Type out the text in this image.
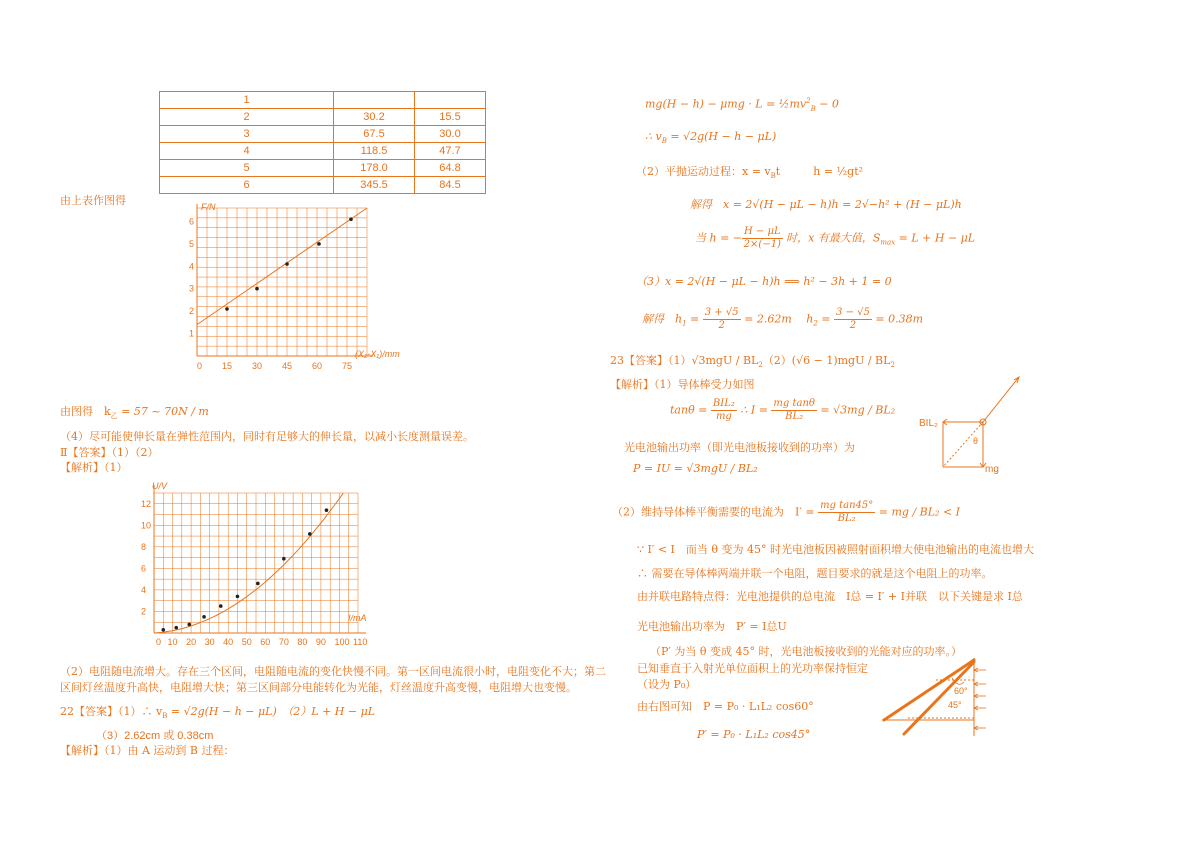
1		
2	30.2	15.5
3	67.5	30.0
4	118.5	47.7
5	178.0	64.8
6	345.5	84.5
由上表作图得
0 15 30 45 60 75
1
2
3
4
5
6
F/N
(X₂-X₁)/mm
由图得　$k_乙 = 57$ ~ 70N / m
（4）尽可能使伸长量在弹性范围内，同时有足够大的伸长量，以减小长度测量误差。
Ⅱ【答案】（1）（2）
【解析】（1）
0 10 20 30 40 50 60 70 80 90 100 110
2
4
6
8
10
12
U/V
I/mA
（2）电阻随电流增大。存在三个区间，电阻随电流的变化快慢不同。第一区间电流很小时，电阻变化不大；第二
区间灯丝温度升高快，电阻增大快；第三区间部分电能转化为光能，灯丝温度升高变慢，电阻增大也变慢。
22【答案】（1）∴ $v_B = √2g(H - h - \mu L)$　（2）L + H − μL
（3）2.62cm 或 0.38cm
【解析】（1）由 A 运动到 B 过程：
$mg(H - h) - \mu mg \cdot L = \frac{1}{2}mv^2_B - 0$
∴ $v_B = √2g(H - h - \mu L)$
（2）平抛运动过程：$x = v_Bt$　　　h = ½gt²
解得　x = 2√(H − μL − h)h = 2√−h² + (H − μL)h
当 h = − $\frac{H - \mu L}{2\times(-1)}$ 时，x 有最大值，$S_{max} = L + H - \mu L$
（3）x = 2√(H − μL − h)h ⟹ h² − 3h + 1 = 0
解得　$h_1 = \frac{3 + √5}{2} = 2.62m$　 $h_2 = \frac{3 - √5}{2} = 0.38m$
23【答案】$(1)√3mgU / BL_2(2)(√6 - 1)mgU / BL_2$
【解析】（1）导体棒受力如图
$\tan\theta = \frac{\text{BIL₂}}{mg}$ ∴ $I = \frac{\text{mg tanθ}}{\text{BL₂}} = √3mg / BL_2$
光电池输出功率（即光电池板接收到的功率）为
P = IU = √3mgU / BL₂
BIL₂
θ
mg
（2）维持导体棒平衡需要的电流为　$I' = \frac{\text{mg tan45°}}{\text{BL₂}}$ = mg / BL₂ < I
∵ I′ < I　而当 θ 变为 45° 时光电池板因被照射面积增大使电池输出的电流也增大
∴ 需要在导体棒两端并联一个电阻，题目要求的就是这个电阻上的功率。
由并联电路特点得：光电池提供的总电流　I总 = I′ + I并联　以下关键是求 I总
光电池输出功率为　P′ = I总U
（P′ 为当 θ 变成 45° 时，光电池板接收到的光能对应的功率。）
已知垂直于入射光单位面积上的光功率保持恒定
（设为 P₀）
由右图可知　P = P₀ · L₁L₂ cos60°
P′ = P₀ · L₁L₂ cos45°
60°
45°
